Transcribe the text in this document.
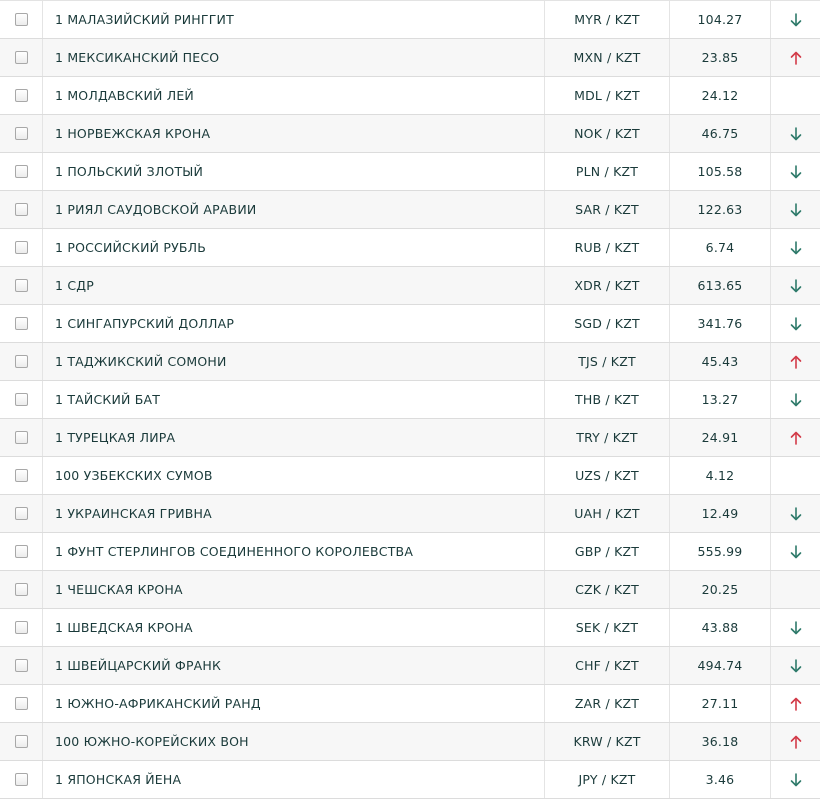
1 МАЛАЗИЙСКИЙ РИНГГИТ	MYR / KZT	104.27
1 МЕКСИКАНСКИЙ ПЕСО	MXN / KZT	23.85
1 МОЛДАВСКИЙ ЛЕЙ	MDL / KZT	24.12
1 НОРВЕЖСКАЯ КРОНА	NOK / KZT	46.75
1 ПОЛЬСКИЙ ЗЛОТЫЙ	PLN / KZT	105.58
1 РИЯЛ САУДОВСКОЙ АРАВИИ	SAR / KZT	122.63
1 РОССИЙСКИЙ РУБЛЬ	RUB / KZT	6.74
1 СДР	XDR / KZT	613.65
1 СИНГАПУРСКИЙ ДОЛЛАР	SGD / KZT	341.76
1 ТАДЖИКСКИЙ СОМОНИ	TJS / KZT	45.43
1 ТАЙСКИЙ БАТ	THB / KZT	13.27
1 ТУРЕЦКАЯ ЛИРА	TRY / KZT	24.91
100 УЗБЕКСКИХ СУМОВ	UZS / KZT	4.12
1 УКРАИНСКАЯ ГРИВНА	UAH / KZT	12.49
1 ФУНТ СТЕРЛИНГОВ СОЕДИНЕННОГО КОРОЛЕВСТВА	GBP / KZT	555.99
1 ЧЕШСКАЯ КРОНА	CZK / KZT	20.25
1 ШВЕДСКАЯ КРОНА	SEK / KZT	43.88
1 ШВЕЙЦАРСКИЙ ФРАНК	CHF / KZT	494.74
1 ЮЖНО-АФРИКАНСКИЙ РАНД	ZAR / KZT	27.11
100 ЮЖНО-КОРЕЙСКИХ ВОН	KRW / KZT	36.18
1 ЯПОНСКАЯ ЙЕНА	JPY / KZT	3.46
